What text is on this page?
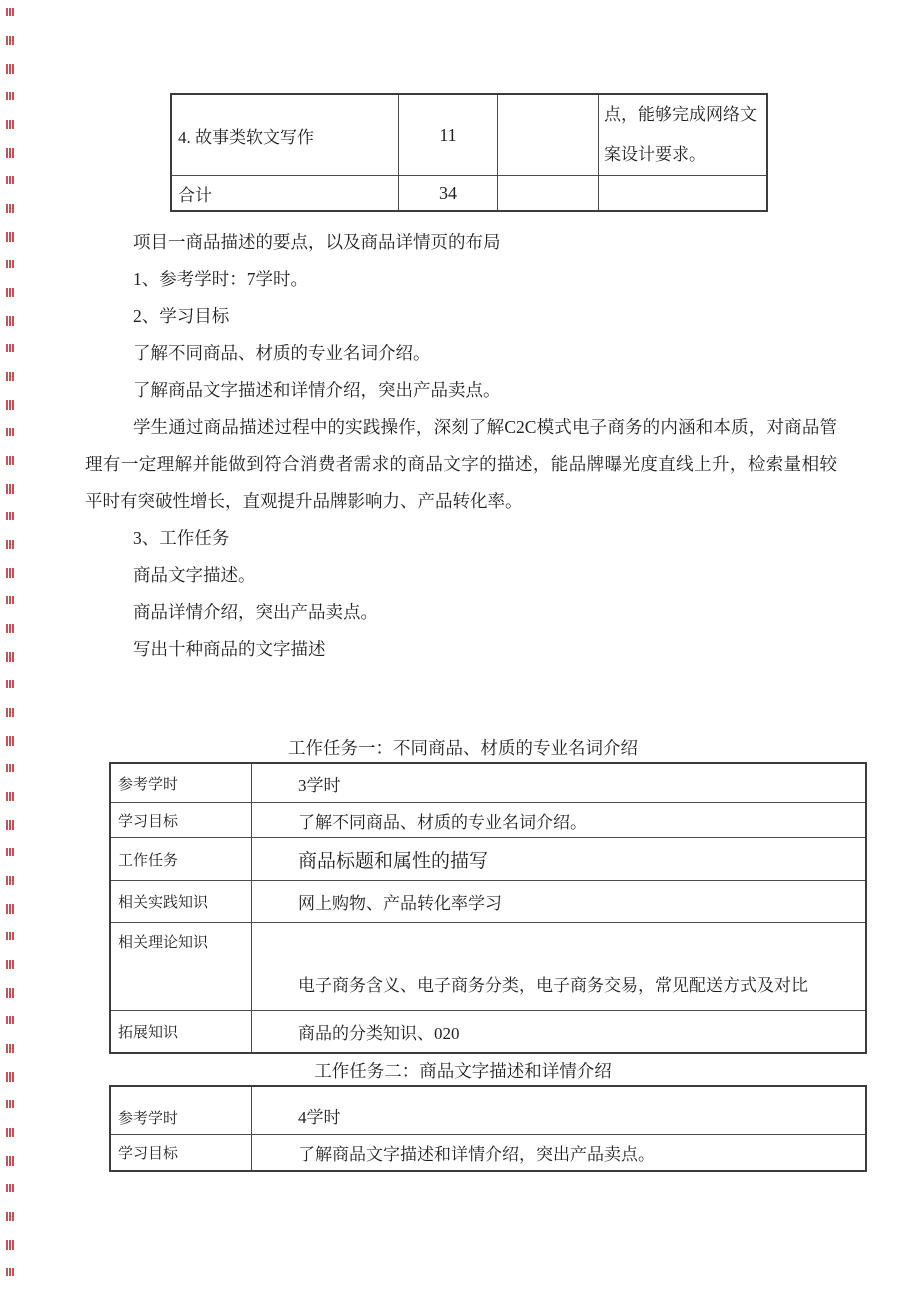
4. 故事类软文写作	11		点，能够完成网络文案设计要求。
合计	34		

项目一商品描述的要点，以及商品详情页的布局

1、参考学时：7学时。

2、学习目标

了解不同商品、材质的专业名词介绍。

了解商品文字描述和详情介绍，突出产品卖点。

学生通过商品描述过程中的实践操作，深刻了解C2C模式电子商务的内涵和本质，对商品管理有一定理解并能做到符合消费者需求的商品文字的描述，能品牌曝光度直线上升，检索量相较平时有突破性增长，直观提升品牌影响力、产品转化率。

3、工作任务

商品文字描述。

商品详情介绍，突出产品卖点。

写出十种商品的文字描述

工作任务一：不同商品、材质的专业名词介绍

参考学时	3学时
学习目标	了解不同商品、材质的专业名词介绍。
工作任务	商品标题和属性的描写
相关实践知识	网上购物、产品转化率学习
相关理论知识	电子商务含义、电子商务分类，电子商务交易，常见配送方式及对比
拓展知识	商品的分类知识、020

工作任务二：商品文字描述和详情介绍

参考学时	4学时
学习目标	了解商品文字描述和详情介绍，突出产品卖点。
